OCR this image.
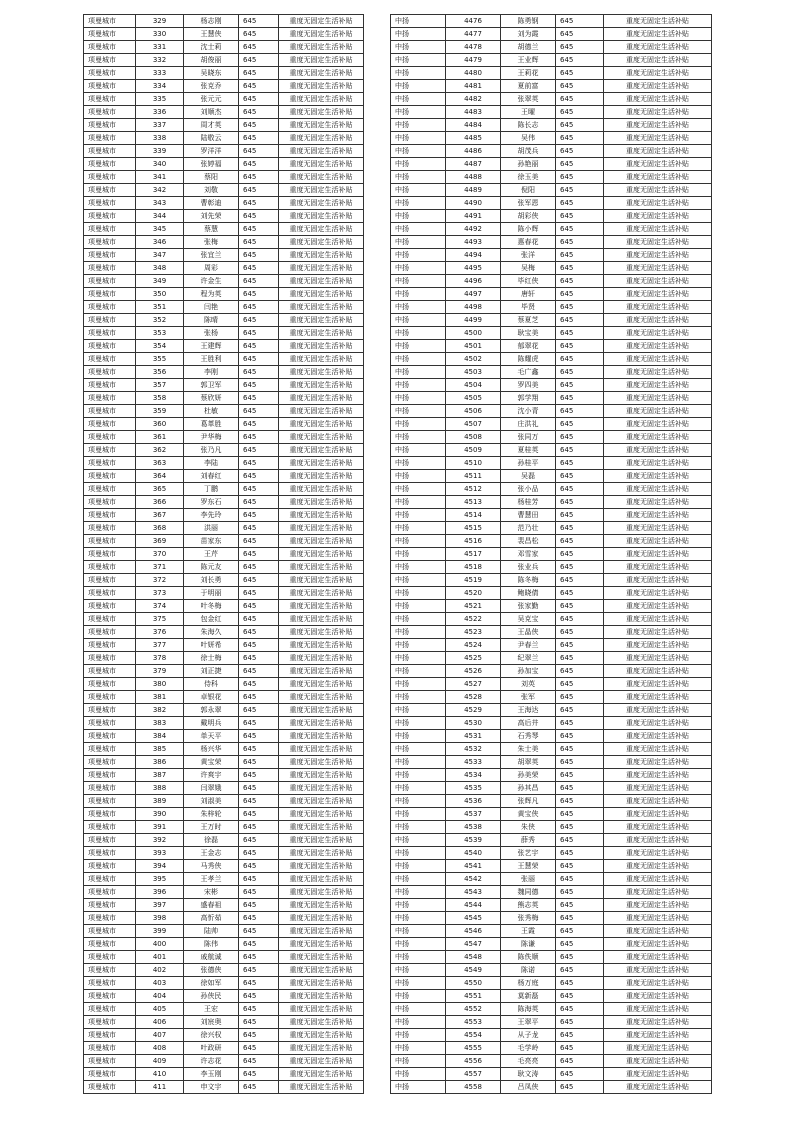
项曼城市	329	杨志刚	645	重度无固定生活补贴
项曼城市	330	王慧侠	645	重度无固定生活补贴
项曼城市	331	沈士莉	645	重度无固定生活补贴
项曼城市	332	胡俊丽	645	重度无固定生活补贴
项曼城市	333	吴晓东	645	重度无固定生活补贴
项曼城市	334	张克乔	645	重度无固定生活补贴
项曼城市	335	张元元	645	重度无固定生活补贴
项曼城市	336	刘顺杰	645	重度无固定生活补贴
项曼城市	337	周才英	645	重度无固定生活补贴
项曼城市	338	陆敬云	645	重度无固定生活补贴
项曼城市	339	罗洋洋	645	重度无固定生活补贴
项曼城市	340	张婷福	645	重度无固定生活补贴
项曼城市	341	蔡阳	645	重度无固定生活补贴
项曼城市	342	刘敬	645	重度无固定生活补贴
项曼城市	343	曹彰迪	645	重度无固定生活补贴
项曼城市	344	刘先荣	645	重度无固定生活补贴
项曼城市	345	蔡慧	645	重度无固定生活补贴
项曼城市	346	张梅	645	重度无固定生活补贴
项曼城市	347	张宜兰	645	重度无固定生活补贴
项曼城市	348	周彩	645	重度无固定生活补贴
项曼城市	349	许金生	645	重度无固定生活补贴
项曼城市	350	程为英	645	重度无固定生活补贴
项曼城市	351	闫艳	645	重度无固定生活补贴
项曼城市	352	陈晴	645	重度无固定生活补贴
项曼城市	353	张杨	645	重度无固定生活补贴
项曼城市	354	王建辉	645	重度无固定生活补贴
项曼城市	355	王胜利	645	重度无固定生活补贴
项曼城市	356	李刚	645	重度无固定生活补贴
项曼城市	357	郭卫军	645	重度无固定生活补贴
项曼城市	358	蔡欣妍	645	重度无固定生活补贴
项曼城市	359	杜敏	645	重度无固定生活补贴
项曼城市	360	葛革胜	645	重度无固定生活补贴
项曼城市	361	尹华梅	645	重度无固定生活补贴
项曼城市	362	张乃凡	645	重度无固定生活补贴
项曼城市	363	李陆	645	重度无固定生活补贴
项曼城市	364	刘春红	645	重度无固定生活补贴
项曼城市	365	丁鹏	645	重度无固定生活补贴
项曼城市	366	罗东石	645	重度无固定生活补贴
项曼城市	367	李先玲	645	重度无固定生活补贴
项曼城市	368	洪丽	645	重度无固定生活补贴
项曼城市	369	苗家东	645	重度无固定生活补贴
项曼城市	370	王芹	645	重度无固定生活补贴
项曼城市	371	陈元友	645	重度无固定生活补贴
项曼城市	372	刘长勇	645	重度无固定生活补贴
项曼城市	373	于明丽	645	重度无固定生活补贴
项曼城市	374	叶冬梅	645	重度无固定生活补贴
项曼城市	375	包金红	645	重度无固定生活补贴
项曼城市	376	朱海久	645	重度无固定生活补贴
项曼城市	377	叶妍希	645	重度无固定生活补贴
项曼城市	378	徐士梅	645	重度无固定生活补贴
项曼城市	379	刘正捷	645	重度无固定生活补贴
项曼城市	380	侍科	645	重度无固定生活补贴
项曼城市	381	卓银花	645	重度无固定生活补贴
项曼城市	382	郭永翠	645	重度无固定生活补贴
项曼城市	383	戴明兵	645	重度无固定生活补贴
项曼城市	384	单天平	645	重度无固定生活补贴
项曼城市	385	杨兴华	645	重度无固定生活补贴
项曼城市	386	黄宝荣	645	重度无固定生活补贴
项曼城市	387	许爽宇	645	重度无固定生活补贴
项曼城市	388	闫翠娥	645	重度无固定生活补贴
项曼城市	389	刘淑美	645	重度无固定生活补贴
项曼城市	390	朱梓轮	645	重度无固定生活补贴
项曼城市	391	王万时	645	重度无固定生活补贴
项曼城市	392	徐磊	645	重度无固定生活补贴
项曼城市	393	王金志	645	重度无固定生活补贴
项曼城市	394	马秀侠	645	重度无固定生活补贴
项曼城市	395	王孝兰	645	重度无固定生活补贴
项曼城市	396	宋彬	645	重度无固定生活补贴
项曼城市	397	盛春祖	645	重度无固定生活补贴
项曼城市	398	高忻茹	645	重度无固定生活补贴
项曼城市	399	陆帅	645	重度无固定生活补贴
项曼城市	400	陈伟	645	重度无固定生活补贴
项曼城市	401	戚航诚	645	重度无固定生活补贴
项曼城市	402	张德侠	645	重度无固定生活补贴
项曼城市	403	徐如军	645	重度无固定生活补贴
项曼城市	404	孙侠民	645	重度无固定生活补贴
项曼城市	405	王宏	645	重度无固定生活补贴
项曼城市	406	刘宸奥	645	重度无固定生活补贴
项曼城市	407	徐兴权	645	重度无固定生活补贴
项曼城市	408	叶政研	645	重度无固定生活补贴
项曼城市	409	许志花	645	重度无固定生活补贴
项曼城市	410	李玉刚	645	重度无固定生活补贴
项曼城市	411	申文宇	645	重度无固定生活补贴
中扬	4476	陈勇钢	645	重度无固定生活补贴
中扬	4477	刘为霞	645	重度无固定生活补贴
中扬	4478	胡德兰	645	重度无固定生活补贴
中扬	4479	王业辉	645	重度无固定生活补贴
中扬	4480	王莉花	645	重度无固定生活补贴
中扬	4481	夏前富	645	重度无固定生活补贴
中扬	4482	张翠英	645	重度无固定生活补贴
中扬	4483	王曜	645	重度无固定生活补贴
中扬	4484	陈长志	645	重度无固定生活补贴
中扬	4485	吴伟	645	重度无固定生活补贴
中扬	4486	胡茂兵	645	重度无固定生活补贴
中扬	4487	孙艳丽	645	重度无固定生活补贴
中扬	4488	徐玉美	645	重度无固定生活补贴
中扬	4489	倪阳	645	重度无固定生活补贴
中扬	4490	张军恩	645	重度无固定生活补贴
中扬	4491	胡彩侠	645	重度无固定生活补贴
中扬	4492	陈小辉	645	重度无固定生活补贴
中扬	4493	惠春花	645	重度无固定生活补贴
中扬	4494	张洋	645	重度无固定生活补贴
中扬	4495	吴梅	645	重度无固定生活补贴
中扬	4496	毕红侠	645	重度无固定生活补贴
中扬	4497	唐轩	645	重度无固定生活补贴
中扬	4498	毕贤	645	重度无固定生活补贴
中扬	4499	蔡夏芝	645	重度无固定生活补贴
中扬	4500	耿宝美	645	重度无固定生活补贴
中扬	4501	郁翠花	645	重度无固定生活补贴
中扬	4502	陈耀虎	645	重度无固定生活补贴
中扬	4503	毛广鑫	645	重度无固定生活补贴
中扬	4504	罗四美	645	重度无固定生活补贴
中扬	4505	郭学翔	645	重度无固定生活补贴
中扬	4506	沈小青	645	重度无固定生活补贴
中扬	4507	庄洪礼	645	重度无固定生活补贴
中扬	4508	张同万	645	重度无固定生活补贴
中扬	4509	夏桂英	645	重度无固定生活补贴
中扬	4510	孙桂平	645	重度无固定生活补贴
中扬	4511	吴磊	645	重度无固定生活补贴
中扬	4512	张小品	645	重度无固定生活补贴
中扬	4513	杨桂芳	645	重度无固定生活补贴
中扬	4514	曹慧田	645	重度无固定生活补贴
中扬	4515	范乃壮	645	重度无固定生活补贴
中扬	4516	裴昌松	645	重度无固定生活补贴
中扬	4517	邓雪家	645	重度无固定生活补贴
中扬	4518	张业兵	645	重度无固定生活补贴
中扬	4519	陈冬梅	645	重度无固定生活补贴
中扬	4520	鲍晓倩	645	重度无固定生活补贴
中扬	4521	张家勤	645	重度无固定生活补贴
中扬	4522	吴克宝	645	重度无固定生活补贴
中扬	4523	王晶侠	645	重度无固定生活补贴
中扬	4524	尹春兰	645	重度无固定生活补贴
中扬	4525	纪翠兰	645	重度无固定生活补贴
中扬	4526	孙加宝	645	重度无固定生活补贴
中扬	4527	刘英	645	重度无固定生活补贴
中扬	4528	张军	645	重度无固定生活补贴
中扬	4529	王海达	645	重度无固定生活补贴
中扬	4530	高后井	645	重度无固定生活补贴
中扬	4531	石秀琴	645	重度无固定生活补贴
中扬	4532	朱士美	645	重度无固定生活补贴
中扬	4533	胡翠英	645	重度无固定生活补贴
中扬	4534	孙美荣	645	重度无固定生活补贴
中扬	4535	孙其昌	645	重度无固定生活补贴
中扬	4536	张辉凡	645	重度无固定生活补贴
中扬	4537	黄宝侠	645	重度无固定生活补贴
中扬	4538	朱侠	645	重度无固定生活补贴
中扬	4539	薛秀	645	重度无固定生活补贴
中扬	4540	张艺宇	645	重度无固定生活补贴
中扬	4541	王慧荣	645	重度无固定生活补贴
中扬	4542	张丽	645	重度无固定生活补贴
中扬	4543	魏同德	645	重度无固定生活补贴
中扬	4544	熊志英	645	重度无固定生活补贴
中扬	4545	张秀梅	645	重度无固定生活补贴
中扬	4546	王霞	645	重度无固定生活补贴
中扬	4547	陈谦	645	重度无固定生活补贴
中扬	4548	陈佚顺	645	重度无固定生活补贴
中扬	4549	陈诺	645	重度无固定生活补贴
中扬	4550	杨万庭	645	重度无固定生活补贴
中扬	4551	莫新磊	645	重度无固定生活补贴
中扬	4552	陈海英	645	重度无固定生活补贴
中扬	4553	王翠平	645	重度无固定生活补贴
中扬	4554	从子龙	645	重度无固定生活补贴
中扬	4555	毛学岭	645	重度无固定生活补贴
中扬	4556	毛亮亮	645	重度无固定生活补贴
中扬	4557	耿文涛	645	重度无固定生活补贴
中扬	4558	吕凤侠	645	重度无固定生活补贴
